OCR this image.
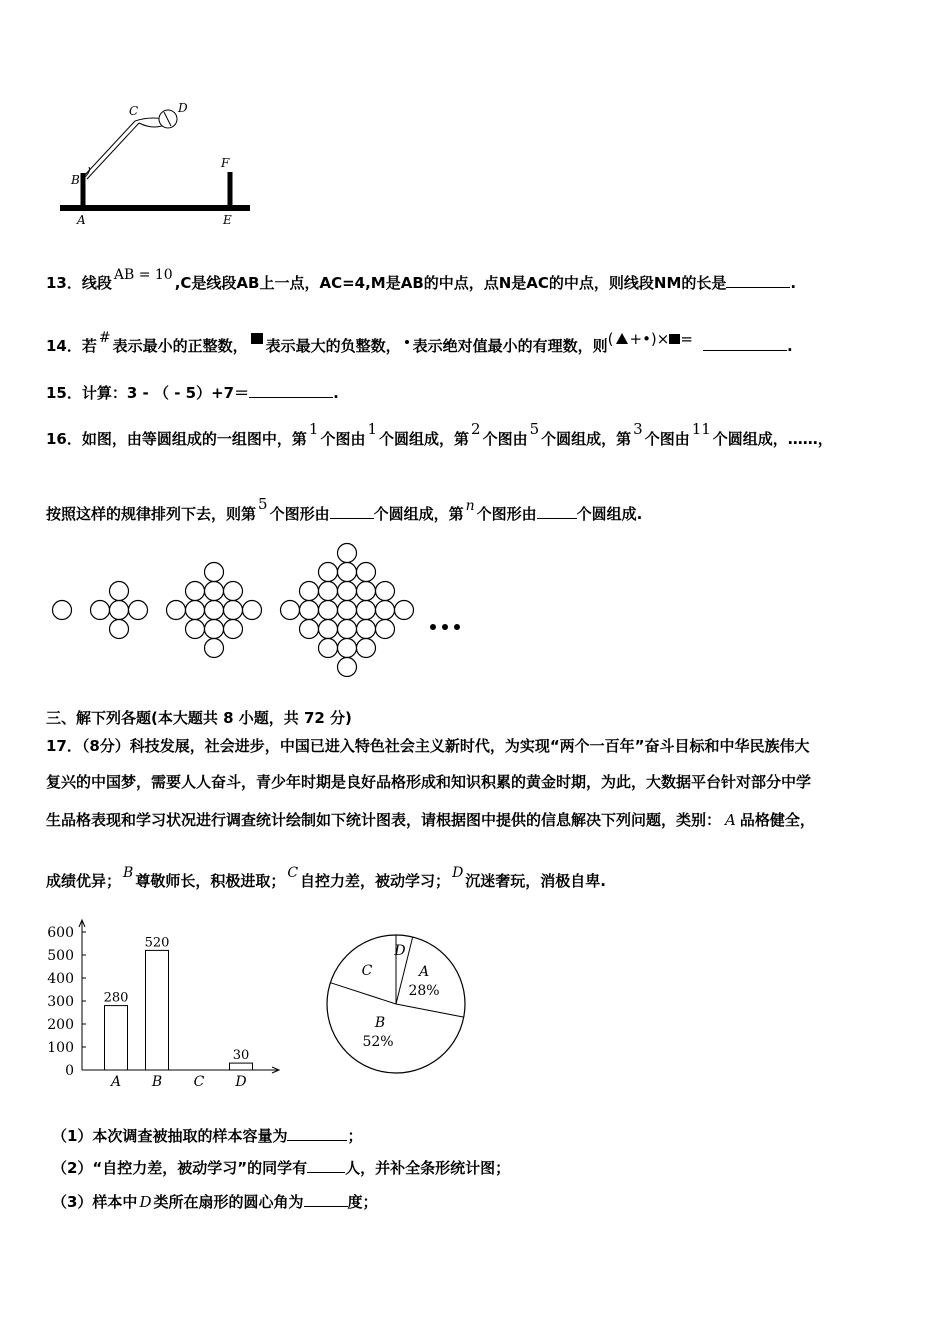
C	D
B
F
A	E
13．线段 AB = 10 ,C是线段AB上一点，AC=4,M是AB的中点，点N是AC的中点，则线段NM的长是	.
14．若 # 表示最小的正整数， 表示最大的负整数， 表示绝对值最小的有理数，则( +•)× =	.
15．计算：3 - （ - 5）+7＝	.
16．如图，由等圆组成的一组图中，第1个图由1个圆组成，第2个图由5个圆组成，第3个图由11个圆组成，……，
按照这样的规律排列下去，则第5个图形由	个圆组成，第 n 个图形由	个圆组成.
三、解下列各题(本大题共 8 小题，共 72 分)
17．（8分）科技发展，社会进步，中国已进入特色社会主义新时代，为实现“两个一百年”奋斗目标和中华民族伟大
复兴的中国梦，需要人人奋斗，青少年时期是良好品格形成和知识积累的黄金时期，为此，大数据平台针对部分中学
生品格表现和学习状况进行调查统计绘制如下统计图表，请根据图中提供的信息解决下列问题，类别： A 品格健全，
成绩优异； B 尊敬师长，积极进取； C 自控力差，被动学习； D 沉迷奢玩，消极自卑.
0
100
200
300
400
500
600
280
A
520
B C
30
D
A
28%
B
52%
C
D
（1）本次调查被抽取的样本容量为	；
（2）“自控力差，被动学习”的同学有	人，并补全条形统计图；
（3）样本中 D 类所在扇形的圆心角为	度；
